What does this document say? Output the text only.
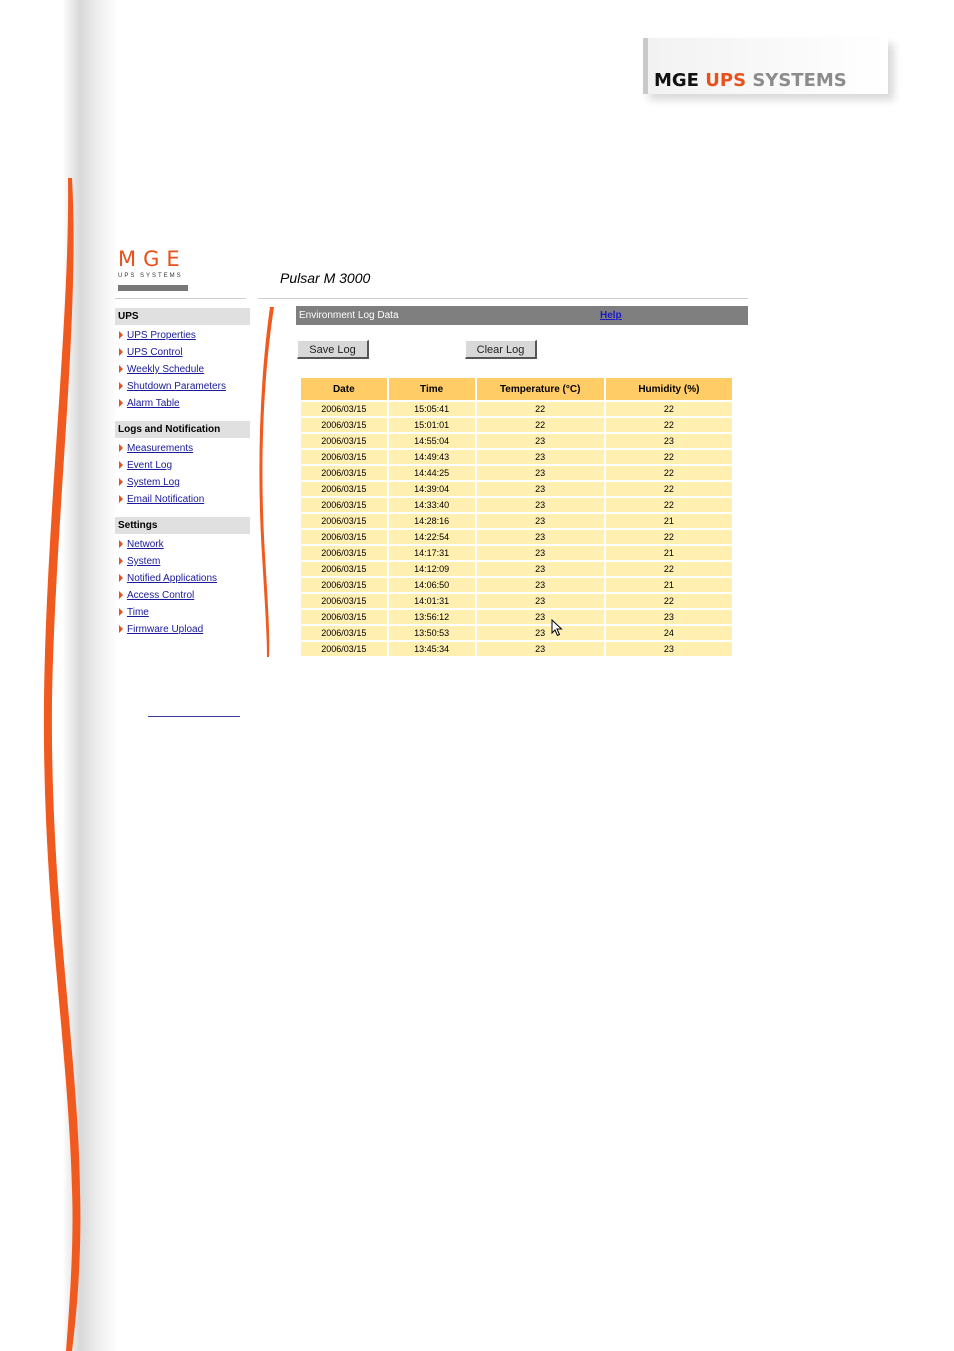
MGE UPS SYSTEMS
MGE
UPS SYSTEMS	Pulsar M 3000
UPS
UPS Properties
UPS Control
Weekly Schedule
Shutdown Parameters
Alarm Table
Logs and Notification
Measurements
Event Log
System Log
Email Notification
Settings
Network
System
Notified Applications
Access Control
Time
Firmware Upload
Environment Log Data	Help
Save Log	Clear Log
Date	Time	Temperature (°C)	Humidity (%)
2006/03/15	15:05:41	22	22
2006/03/15	15:01:01	22	22
2006/03/15	14:55:04	23	23
2006/03/15	14:49:43	23	22
2006/03/15	14:44:25	23	22
2006/03/15	14:39:04	23	22
2006/03/15	14:33:40	23	22
2006/03/15	14:28:16	23	21
2006/03/15	14:22:54	23	22
2006/03/15	14:17:31	23	21
2006/03/15	14:12:09	23	22
2006/03/15	14:06:50	23	21
2006/03/15	14:01:31	23	22
2006/03/15	13:56:12	23	23
2006/03/15	13:50:53	23	24
2006/03/15	13:45:34	23	23
